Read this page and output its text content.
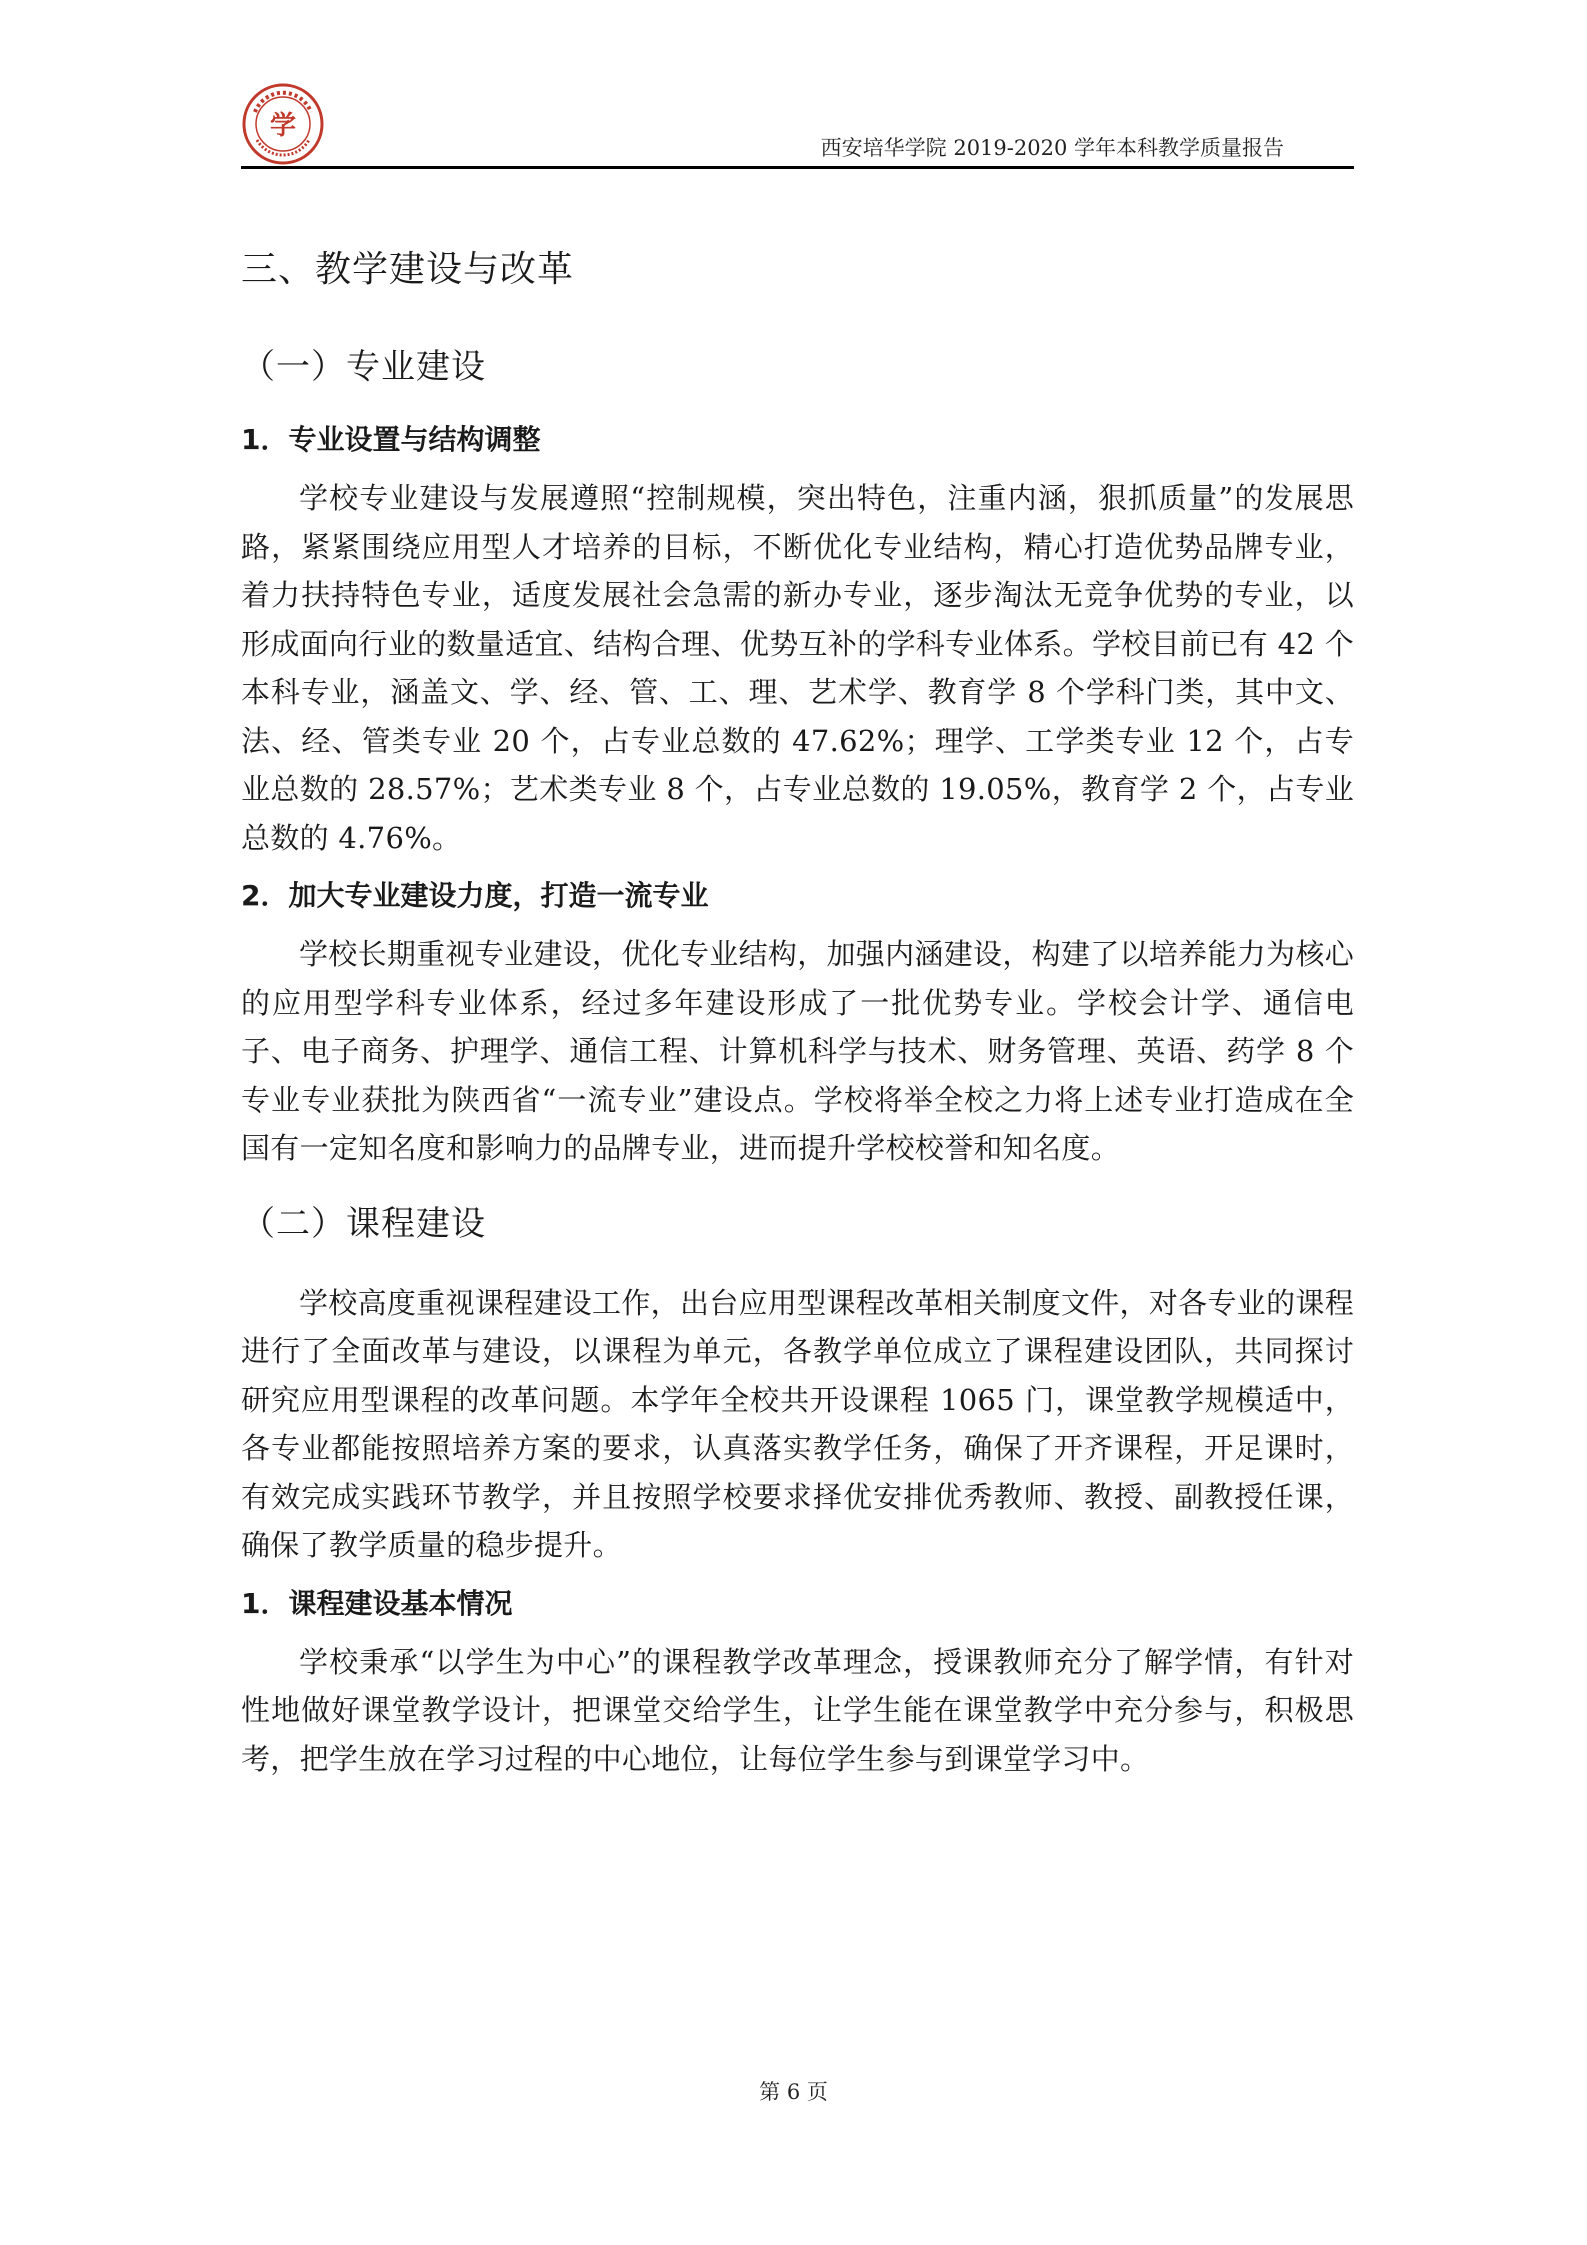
学
西安培华学院 2019-2020 学年本科教学质量报告
三、教学建设与改革
（一）专业建设
1．专业设置与结构调整

学校专业建设与发展遵照“控制规模，突出特色，注重内涵，狠抓质量”的发展思路，紧紧围绕应用型人才培养的目标，不断优化专业结构，精心打造优势品牌专业，着力扶持特色专业，适度发展社会急需的新办专业，逐步淘汰无竞争优势的专业，以形成面向行业的数量适宜、结构合理、优势互补的学科专业体系。学校目前已有 42 个本科专业，涵盖文、学、经、管、工、理、艺术学、教育学 8 个学科门类，其中文、法、经、管类专业 20 个，占专业总数的 47.62%；理学、工学类专业 12 个，占专业总数的 28.57%；艺术类专业 8 个，占专业总数的 19.05%，教育学 2 个，占专业总数的 4.76%。

2．加大专业建设力度，打造一流专业

学校长期重视专业建设，优化专业结构，加强内涵建设，构建了以培养能力为核心的应用型学科专业体系，经过多年建设形成了一批优势专业。学校会计学、通信电子、电子商务、护理学、通信工程、计算机科学与技术、财务管理、英语、药学 8 个专业专业获批为陕西省“一流专业”建设点。学校将举全校之力将上述专业打造成在全国有一定知名度和影响力的品牌专业，进而提升学校校誉和知名度。

（二）课程建设

学校高度重视课程建设工作，出台应用型课程改革相关制度文件，对各专业的课程进行了全面改革与建设，以课程为单元，各教学单位成立了课程建设团队，共同探讨研究应用型课程的改革问题。本学年全校共开设课程 1065 门，课堂教学规模适中，各专业都能按照培养方案的要求，认真落实教学任务，确保了开齐课程，开足课时，有效完成实践环节教学，并且按照学校要求择优安排优秀教师、教授、副教授任课，确保了教学质量的稳步提升。

1．课程建设基本情况

学校秉承“以学生为中心”的课程教学改革理念，授课教师充分了解学情，有针对性地做好课堂教学设计，把课堂交给学生，让学生能在课堂教学中充分参与，积极思考，把学生放在学习过程的中心地位，让每位学生参与到课堂学习中。

第 6 页
